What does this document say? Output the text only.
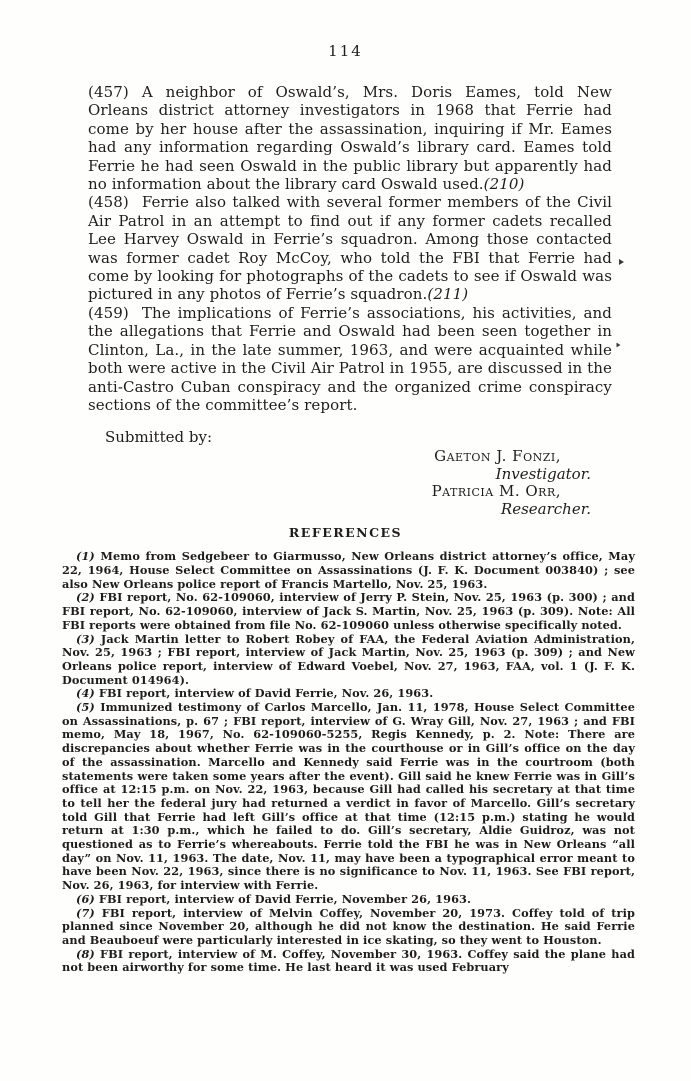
114

(457) A neighbor of Oswald’s, Mrs. Doris Eames, told New Orleans district attorney investigators in 1968 that Ferrie had come by her house after the assassination, inquiring if Mr. Eames had any information regarding Oswald’s library card. Eames told Ferrie he had seen Oswald in the public library but apparently had no information about the library card Oswald used.(210)

(458) Ferrie also talked with several former members of the Civil Air Patrol in an attempt to find out if any former cadets recalled Lee Harvey Oswald in Ferrie’s squadron. Among those contacted was former cadet Roy McCoy, who told the FBI that Ferrie had come by looking for photographs of the cadets to see if Oswald was pictured in any photos of Ferrie’s squadron.(211)

(459) The implications of Ferrie’s associations, his activities, and the allegations that Ferrie and Oswald had been seen together in Clinton, La., in the late summer, 1963, and were acquainted while both were active in the Civil Air Patrol in 1955, are discussed in the anti-Castro Cuban conspiracy and the organized crime conspiracy sections of the committee’s report.

Submitted by:
Gaeton J. Fonzi,
Investigator.
Patricia M. Orr,
Researcher.
REFERENCES

(1) Memo from Sedgebeer to Giarmusso, New Orleans district attorney’s office, May 22, 1964, House Select Committee on Assassinations (J. F. K. Document 003840) ; see also New Orleans police report of Francis Martello, Nov. 25, 1963.

(2) FBI report, No. 62-109060, interview of Jerry P. Stein, Nov. 25, 1963 (p. 300) ; and FBI report, No. 62-109060, interview of Jack S. Martin, Nov. 25, 1963 (p. 309). Note: All FBI reports were obtained from file No. 62-109060 unless otherwise specifically noted.

(3) Jack Martin letter to Robert Robey of FAA, the Federal Aviation Administration, Nov. 25, 1963 ; FBI report, interview of Jack Martin, Nov. 25, 1963 (p. 309) ; and New Orleans police report, interview of Edward Voebel, Nov. 27, 1963, FAA, vol. 1 (J. F. K. Document 014964).

(4) FBI report, interview of David Ferrie, Nov. 26, 1963.

(5) Immunized testimony of Carlos Marcello, Jan. 11, 1978, House Select Committee on Assassinations, p. 67 ; FBI report, interview of G. Wray Gill, Nov. 27, 1963 ; and FBI memo, May 18, 1967, No. 62-109060-5255, Regis Kennedy, p. 2. Note: There are discrepancies about whether Ferrie was in the courthouse or in Gill’s office on the day of the assassination. Marcello and Kennedy said Ferrie was in the courtroom (both statements were taken some years after the event). Gill said he knew Ferrie was in Gill’s office at 12:15 p.m. on Nov. 22, 1963, because Gill had called his secretary at that time to tell her the federal jury had returned a verdict in favor of Marcello. Gill’s secretary told Gill that Ferrie had left Gill’s office at that time (12:15 p.m.) stating he would return at 1:30 p.m., which he failed to do. Gill’s secretary, Aldie Guidroz, was not questioned as to Ferrie’s whereabouts. Ferrie told the FBI he was in New Orleans “all day” on Nov. 11, 1963. The date, Nov. 11, may have been a typographical error meant to have been Nov. 22, 1963, since there is no significance to Nov. 11, 1963. See FBI report, Nov. 26, 1963, for interview with Ferrie.

(6) FBI report, interview of David Ferrie, November 26, 1963.

(7) FBI report, interview of Melvin Coffey, November 20, 1973. Coffey told of trip planned since November 20, although he did not know the destination. He said Ferrie and Beauboeuf were particularly interested in ice skating, so they went to Houston.

(8) FBI report, interview of M. Coffey, November 30, 1963. Coffey said the plane had not been airworthy for some time. He last heard it was used February
